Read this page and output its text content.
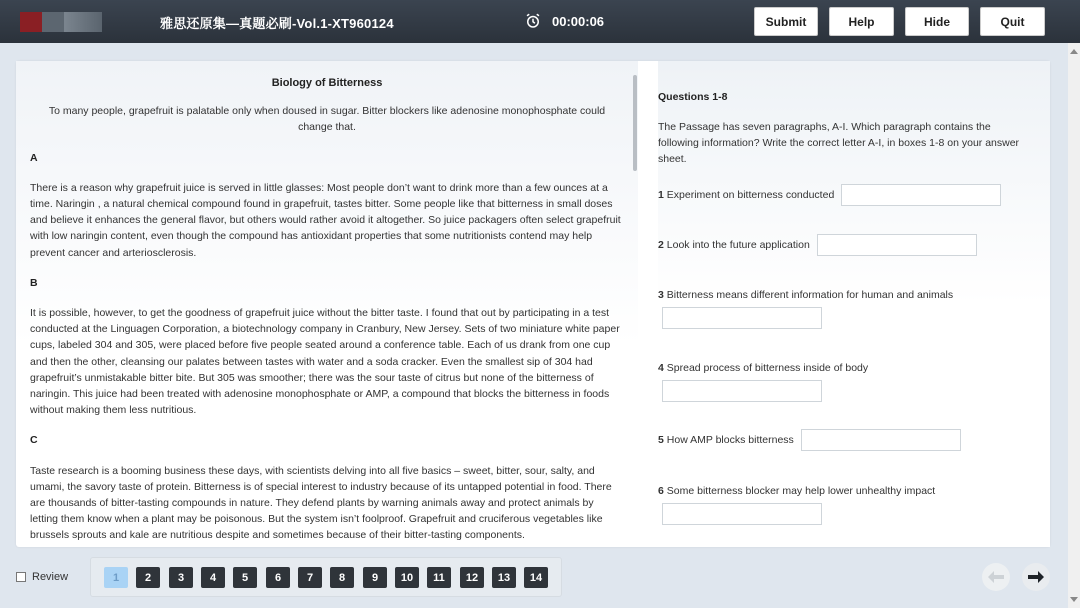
雅思还原集—真题必刷-Vol.1-XT960124	00:00:06	Submit	Help	Hide	Quit
Biology of Bitterness
To many people, grapefruit is palatable only when doused in sugar. Bitter blockers like adenosine monophosphate could change that.
A
There is a reason why grapefruit juice is served in little glasses: Most people don’t want to drink more than a few ounces at a time. Naringin , a natural chemical compound found in grapefruit, tastes bitter. Some people like that bitterness in small doses and believe it enhances the general flavor, but others would rather avoid it altogether. So juice packagers often select grapefruit with low naringin content, even though the compound has antioxidant properties that some nutritionists contend may help prevent cancer and arteriosclerosis.
B
It is possible, however, to get the goodness of grapefruit juice without the bitter taste. I found that out by participating in a test conducted at the Linguagen Corporation, a biotechnology company in Cranbury, New Jersey. Sets of two miniature white paper cups, labeled 304 and 305, were placed before five people seated around a conference table. Each of us drank from one cup and then the other, cleansing our palates between tastes with water and a soda cracker. Even the smallest sip of 304 had grapefruit’s unmistakable bitter bite. But 305 was smoother; there was the sour taste of citrus but none of the bitterness of naringin. This juice had been treated with adenosine monophosphate or AMP, a compound that blocks the bitterness in foods without making them less nutritious.
C
Taste research is a booming business these days, with scientists delving into all five basics – sweet, bitter, sour, salty, and umami, the savory taste of protein. Bitterness is of special interest to industry because of its untapped potential in food. There are thousands of bitter-tasting compounds in nature. They defend plants by warning animals away and protect animals by letting them know when a plant may be poisonous. But the system isn’t foolproof. Grapefruit and cruciferous vegetables like brussels sprouts and kale are nutritious despite and sometimes because of their bitter-tasting components.
Questions 1-8
The Passage has seven paragraphs, A-I. Which paragraph contains the following information? Write the correct letter A-I, in boxes 1-8 on your answer sheet.
1 Experiment on bitterness conducted
2 Look into the future application
3 Bitterness means different information for human and animals
4 Spread process of bitterness inside of body
5 How AMP blocks bitterness
6 Some bitterness blocker may help lower unhealthy impact
Review	1	2	3	4	5	6	7	8	9	10	11	12	13	14
